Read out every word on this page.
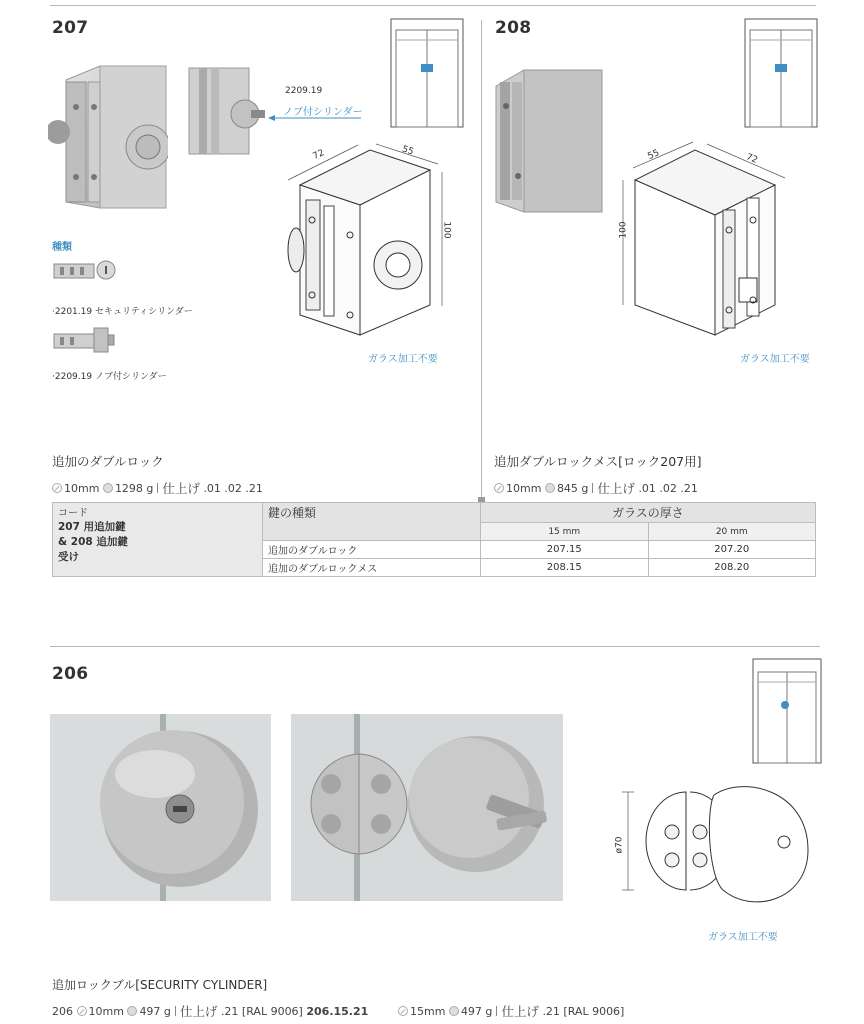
207
2209.19
ノブ付シリンダー
72	55
100
ガラス加工不要
種類
·2201.19 セキュリティシリンダー
·2209.19 ノブ付シリンダー
追加のダブルロック
10mm
1298 g 仕上げ
.01 .02 .21
208
55	72
100
ガラス加工不要
追加ダブルロックメス[ロック207用]
10mm
845 g 仕上げ
.01 .02 .21
コード
207 用追加鍵
& 208 追加鍵
受け	鍵の種類	ガラスの厚さ	
		15 mm	20 mm
	追加のダブルロック	207.15	207.20
	追加のダブルロックメス	208.15	208.20
206
ø70
ガラス加工不要
追加ロックブル[SECURITY CYLINDER]
206
10mm
497 g 仕上げ
.21 [RAL 9006]
206.15.21	15mm
497 g 仕上げ
.21 [RAL 9006]
